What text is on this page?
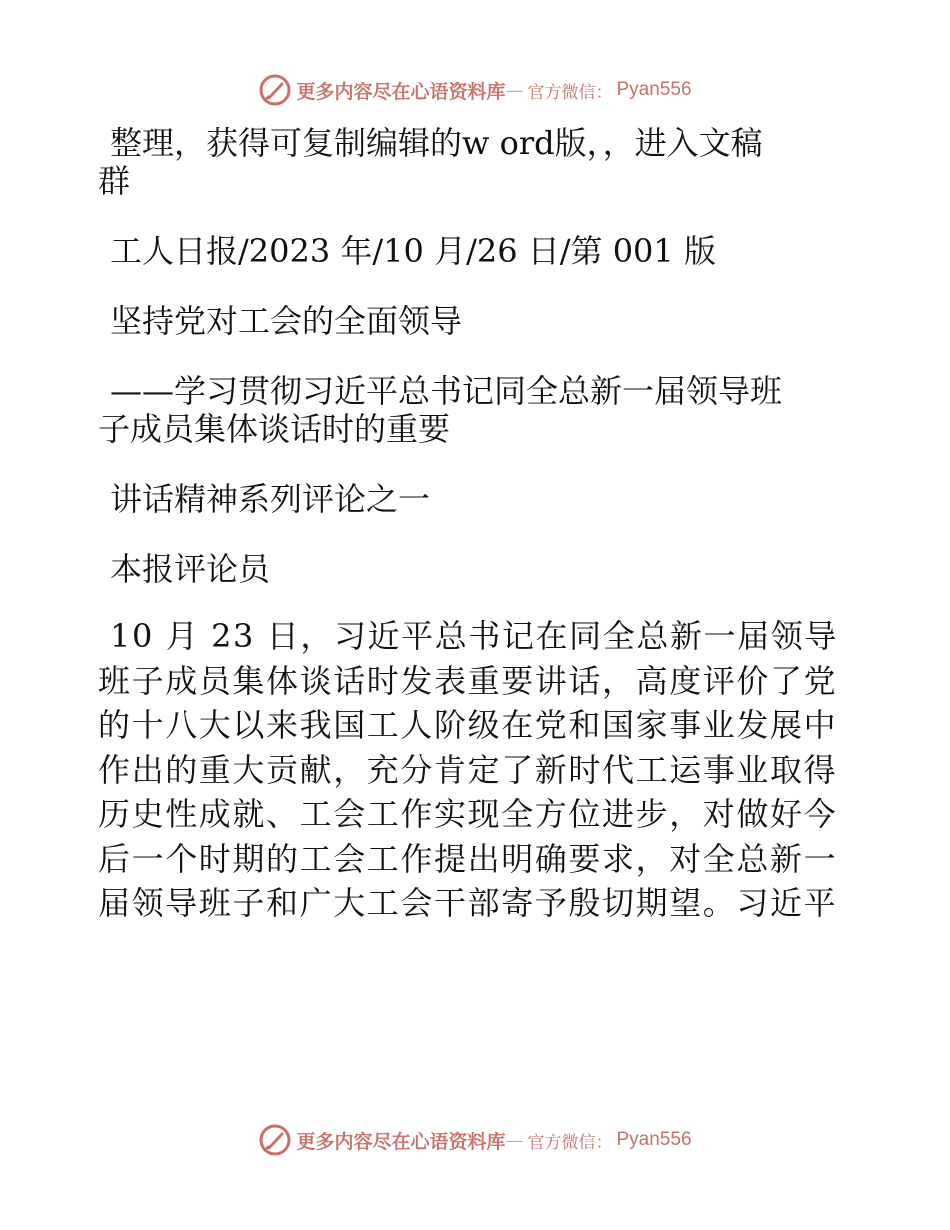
更多内容尽在心语资料库 — 官方微信： Pyan556

整理，获得可复制编辑的w ord版，，进入文稿

群

工人日报/2023 年/10 月/26 日/第 001 版

坚持党对工会的全面领导

——学习贯彻习近平总书记同全总新一届领导班

子成员集体谈话时的重要

讲话精神系列评论之一

本报评论员

10 月 23 日，习近平总书记在同全总新一届领导

班子成员集体谈话时发表重要讲话，高度评价了党

的十八大以来我国工人阶级在党和国家事业发展中

作出的重大贡献，充分肯定了新时代工运事业取得

历史性成就、工会工作实现全方位进步，对做好今

后一个时期的工会工作提出明确要求，对全总新一

届领导班子和广大工会干部寄予殷切期望。习近平

更多内容尽在心语资料库 — 官方微信： Pyan556
